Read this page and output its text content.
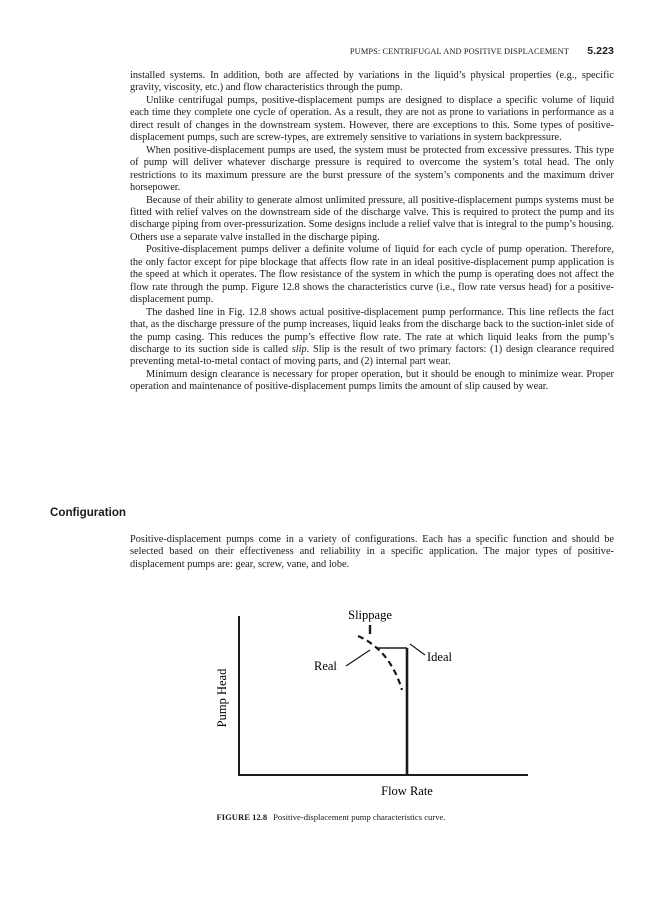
PUMPS: CENTRIFUGAL AND POSITIVE DISPLACEMENT 5.223

installed systems. In addition, both are affected by variations in the liquid’s physical properties (e.g., specific gravity, viscosity, etc.) and flow characteristics through the pump.

Unlike centrifugal pumps, positive-displacement pumps are designed to displace a specific volume of liquid each time they complete one cycle of operation. As a result, they are not as prone to variations in performance as a direct result of changes in the downstream system. However, there are exceptions to this. Some types of positive-displacement pumps, such are screw-types, are extremely sensitive to variations in system backpressure.

When positive-displacement pumps are used, the system must be protected from excessive pressures. This type of pump will deliver whatever discharge pressure is required to overcome the system’s total head. The only restrictions to its maximum pressure are the burst pressure of the system’s components and the maximum driver horsepower.

Because of their ability to generate almost unlimited pressure, all positive-displacement pumps systems must be fitted with relief valves on the downstream side of the discharge valve. This is required to protect the pump and its discharge piping from over-pressurization. Some designs include a relief valve that is integral to the pump’s housing. Others use a separate valve installed in the discharge piping.

Positive-displacement pumps deliver a definite volume of liquid for each cycle of pump operation. Therefore, the only factor except for pipe blockage that affects flow rate in an ideal positive-displacement pump application is the speed at which it operates. The flow resistance of the system in which the pump is operating does not affect the flow rate through the pump. Figure 12.8 shows the characteristics curve (i.e., flow rate versus head) for a positive-displacement pump.

The dashed line in Fig. 12.8 shows actual positive-displacement pump performance. This line reflects the fact that, as the discharge pressure of the pump increases, liquid leaks from the discharge back to the suction-inlet side of the pump casing. This reduces the pump’s effective flow rate. The rate at which liquid leaks from the pump’s discharge to its suction side is called slip. Slip is the result of two primary factors: (1) design clearance required preventing metal-to-metal contact of moving parts, and (2) internal part wear.

Minimum design clearance is necessary for proper operation, but it should be enough to minimize wear. Proper operation and maintenance of positive-displacement pumps limits the amount of slip caused by wear.

Configuration

Positive-displacement pumps come in a variety of configurations. Each has a specific function and should be selected based on their effectiveness and reliability in a specific application. The major types of positive-displacement pumps are: gear, screw, vane, and lobe.

Slippage
Ideal
Real
Pump Head
Flow Rate
FIGURE 12.8 Positive-displacement pump characteristics curve.
